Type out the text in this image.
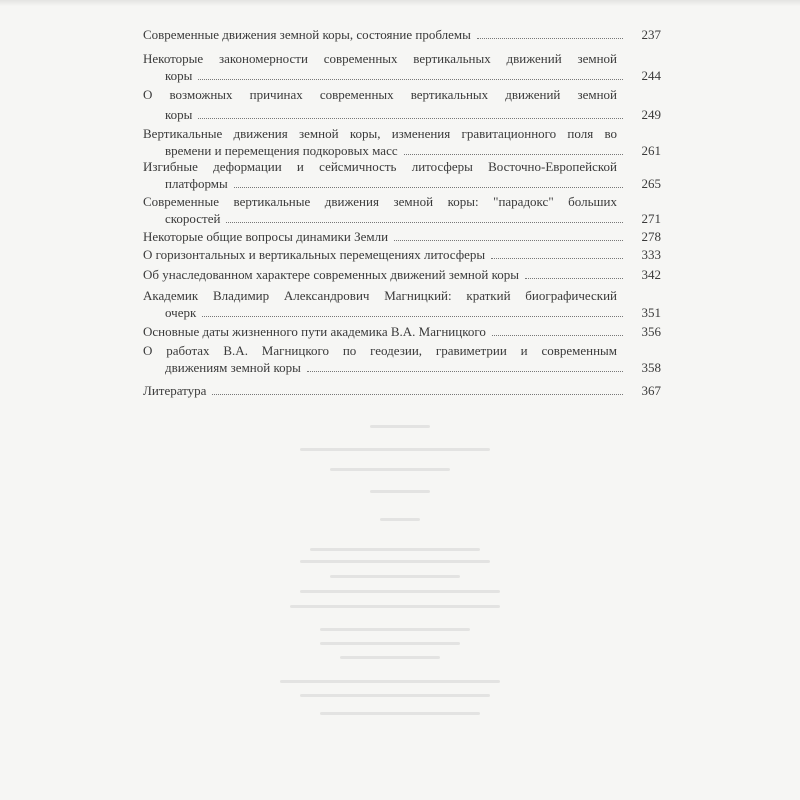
Современные движения земной коры, состояние проблемы	237
Некоторые закономерности современных вертикальных движений земной
коры	244
О возможных причинах современных вертикальных движений земной
коры	249
Вертикальные движения земной коры, изменения гравитационного поля во
времени и перемещения подкоровых масс	261
Изгибные деформации и сейсмичность литосферы Восточно-Европейской
платформы	265
Современные вертикальные движения земной коры: "парадокс" больших
скоростей	271
Некоторые общие вопросы динамики Земли	278
О горизонтальных и вертикальных перемещениях литосферы	333
Об унаследованном характере современных движений земной коры	342
Академик Владимир Александрович Магницкий: краткий биографический
очерк	351
Основные даты жизненного пути академика В.А. Магницкого	356
О работах В.А. Магницкого по геодезии, гравиметрии и современным
движениям земной коры	358
Литература	367
